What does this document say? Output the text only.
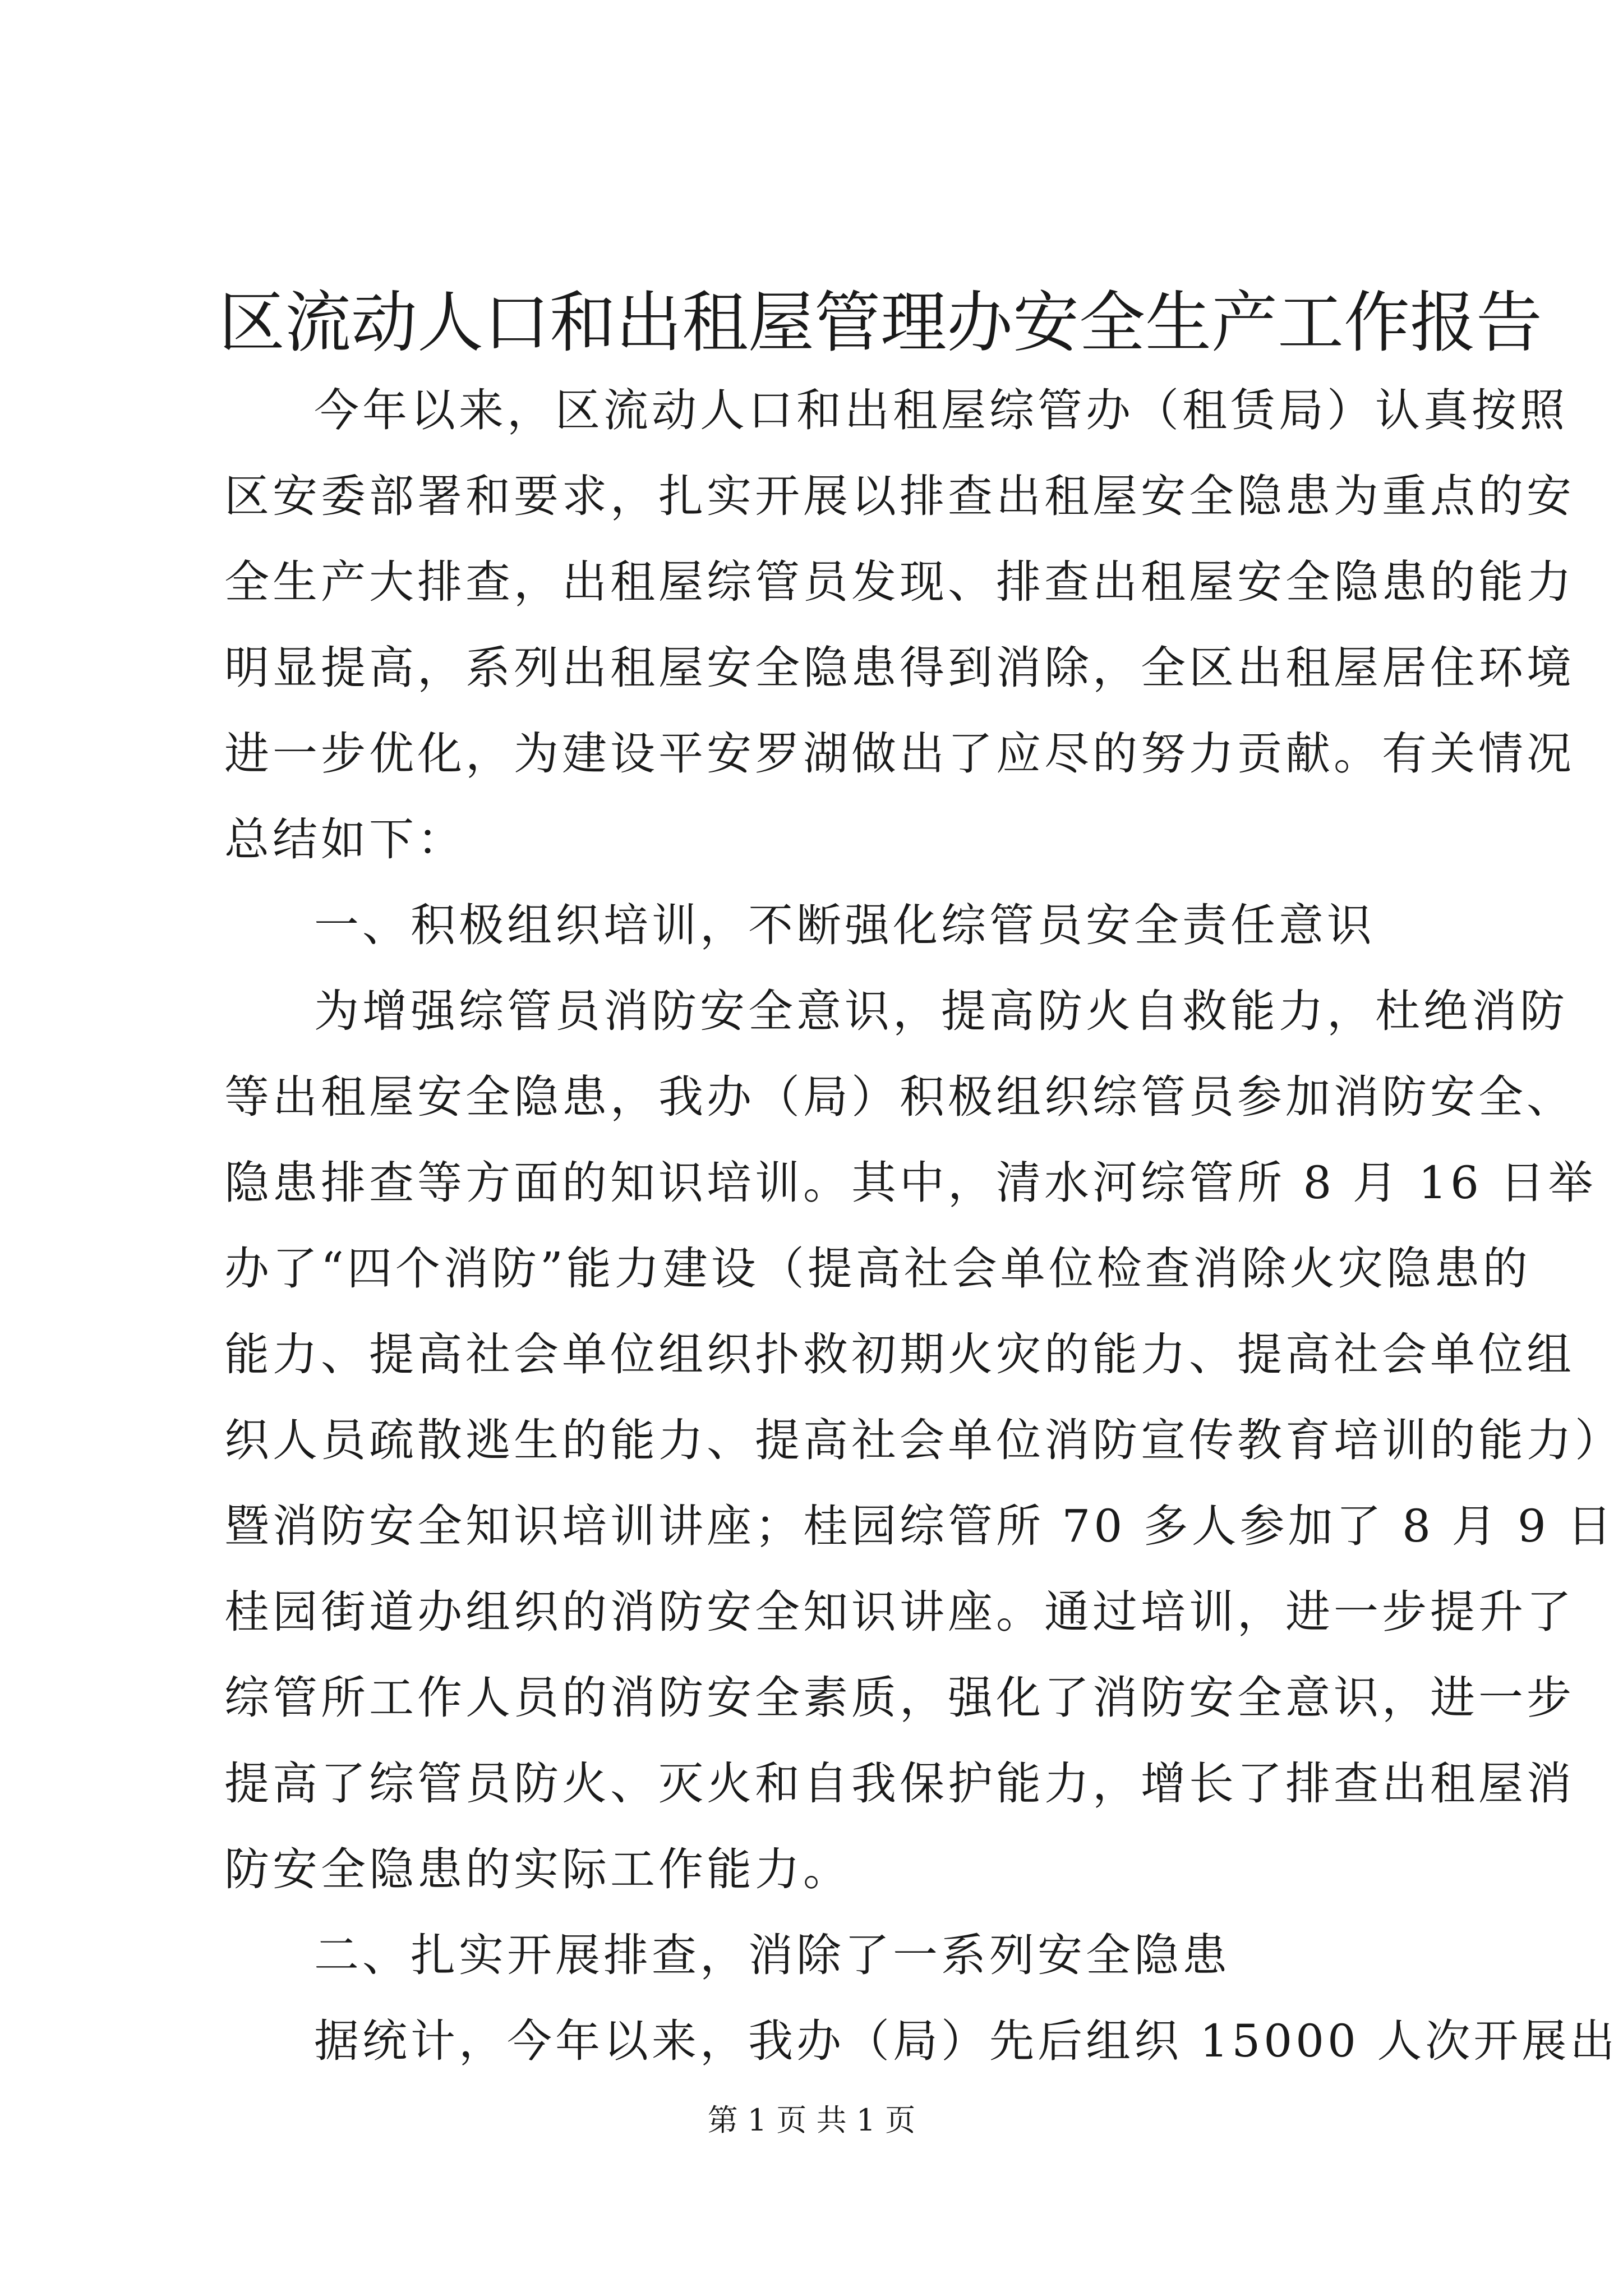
区流动人口和出租屋管理办安全生产工作报告
今年以来，区流动人口和出租屋综管办（租赁局）认真按照
区安委部署和要求，扎实开展以排查出租屋安全隐患为重点的安
全生产大排查，出租屋综管员发现、排查出租屋安全隐患的能力
明显提高，系列出租屋安全隐患得到消除，全区出租屋居住环境
进一步优化，为建设平安罗湖做出了应尽的努力贡献。有关情况
总结如下：
一、积极组织培训，不断强化综管员安全责任意识
为增强综管员消防安全意识，提高防火自救能力，杜绝消防
等出租屋安全隐患，我办（局）积极组织综管员参加消防安全、
隐患排查等方面的知识培训。其中，清水河综管所 8 月 16 日举
办了“四个消防”能力建设（提高社会单位检查消除火灾隐患的
能力、提高社会单位组织扑救初期火灾的能力、提高社会单位组
织人员疏散逃生的能力、提高社会单位消防宣传教育培训的能力）
暨消防安全知识培训讲座；桂园综管所 70 多人参加了 8 月 9 日
桂园街道办组织的消防安全知识讲座。通过培训，进一步提升了
综管所工作人员的消防安全素质，强化了消防安全意识，进一步
提高了综管员防火、灭火和自我保护能力，增长了排查出租屋消
防安全隐患的实际工作能力。
二、扎实开展排查，消除了一系列安全隐患
据统计，今年以来，我办（局）先后组织 15000 人次开展出
第 1 页 共 1 页
